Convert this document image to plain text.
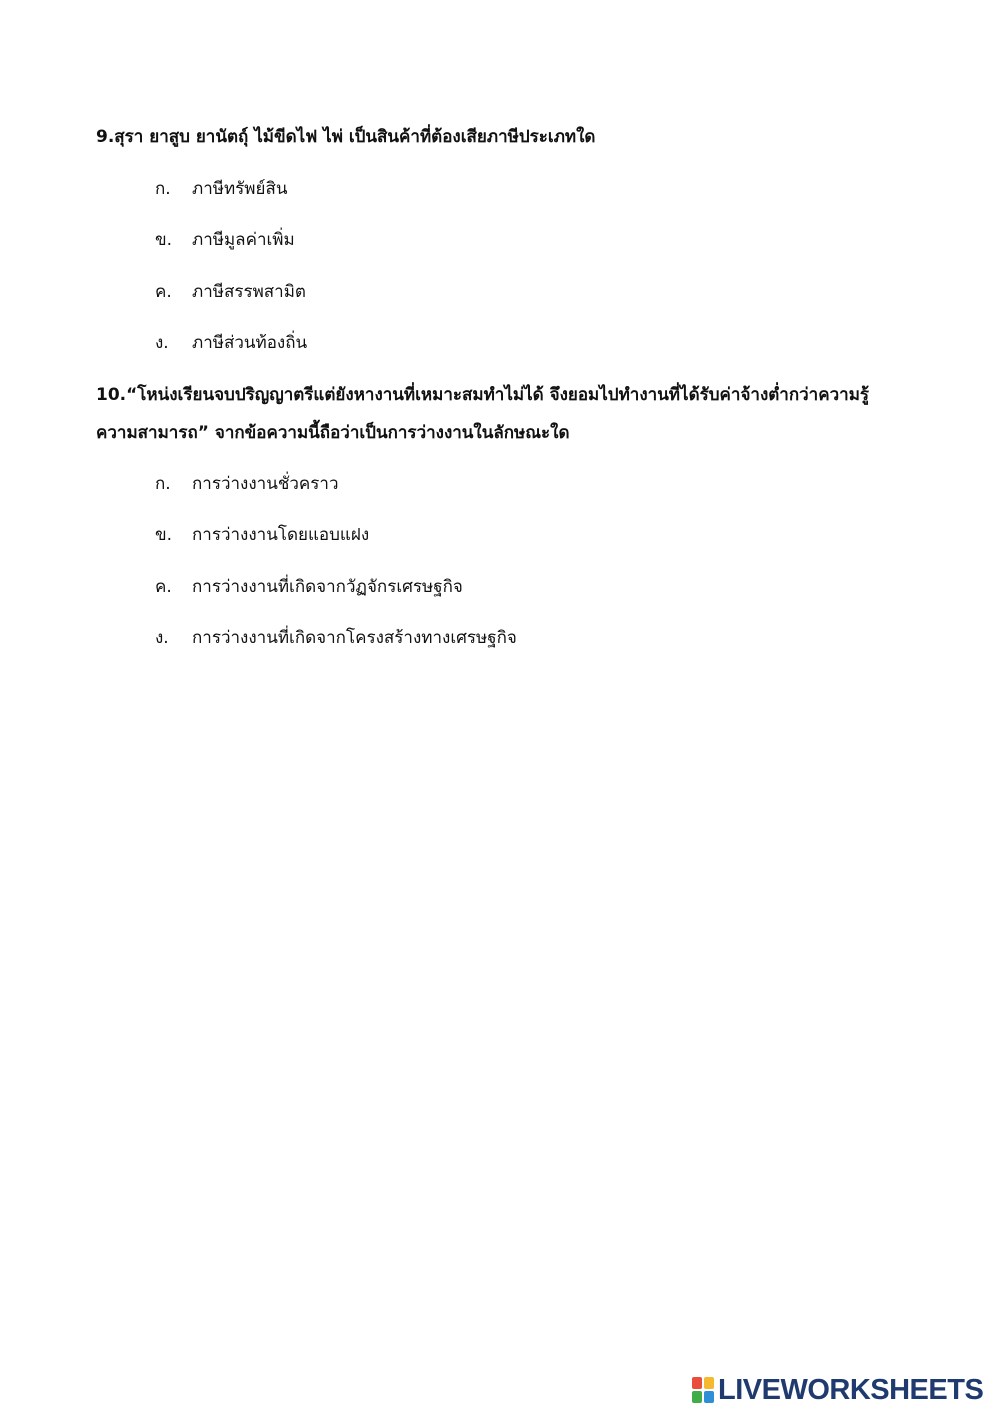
9.สุรา ยาสูบ ยานัตถุ์ ไม้ขีดไฟ ไพ่ เป็นสินค้าที่ต้องเสียภาษีประเภทใด
ก. ภาษีทรัพย์สิน
ข. ภาษีมูลค่าเพิ่ม
ค. ภาษีสรรพสามิต
ง. ภาษีส่วนท้องถิ่น
10.“โหน่งเรียนจบปริญญาตรีแต่ยังหางานที่เหมาะสมทำไม่ได้ จึงยอมไปทำงานที่ได้รับค่าจ้างต่ำกว่าความรู้
ความสามารถ” จากข้อความนี้ถือว่าเป็นการว่างงานในลักษณะใด
ก. การว่างงานชั่วคราว
ข. การว่างงานโดยแอบแฝง
ค. การว่างงานที่เกิดจากวัฏจักรเศรษฐกิจ
ง. การว่างงานที่เกิดจากโครงสร้างทางเศรษฐกิจ
LIVEWORKSHEETS
